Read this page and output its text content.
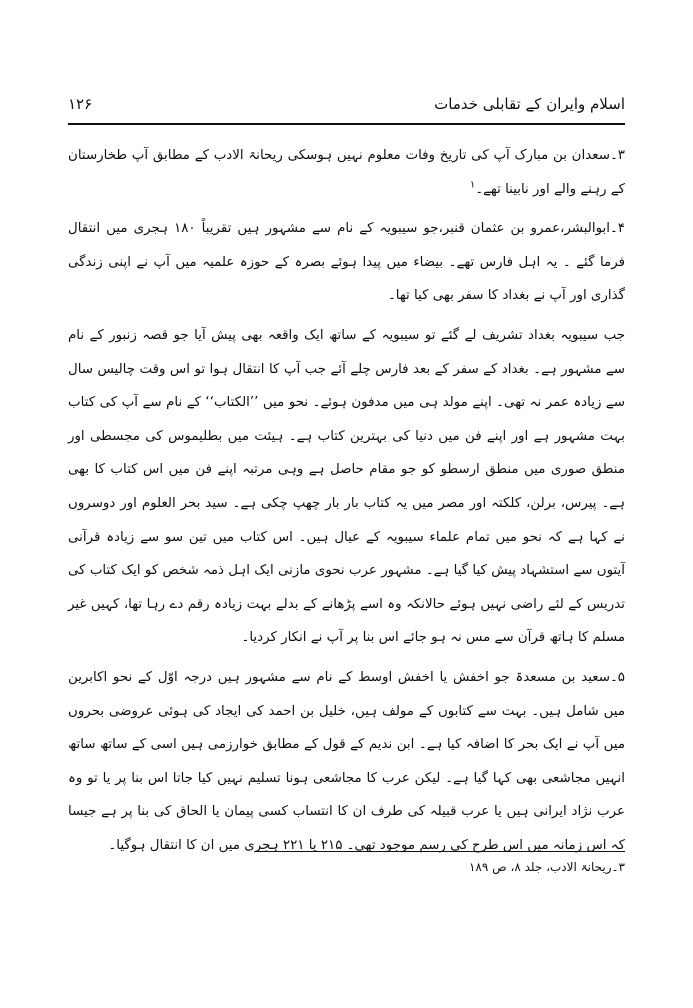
اسلام وایران کے تقابلی خدمات
۱۲۶

۳۔سعدان بن مبارک آپ کی تاریخ وفات معلوم نہیں ہوسکی ریحانۃ الادب کے مطابق آپ طخارستان کے رہنے والے اور نابینا تھے۔$^۱$

۴۔ابوالبشر،عمرو بن عثمان قنبر،جو سیبویہ کے نام سے مشہور ہیں تقریباً ۱۸۰ ہجری میں انتقال فرما گئے ۔ یہ اہل فارس تھے۔ بیضاء میں پیدا ہوئے بصرہ کے حوزہ علمیہ میں آپ نے اپنی زندگی گذاری اور آپ نے بغداد کا سفر بھی کیا تھا۔

جب سیبویہ بغداد تشریف لے گئے تو سیبویہ کے ساتھ ایک واقعہ بھی پیش آیا جو قصہ زنبور کے نام سے مشہور ہے۔ بغداد کے سفر کے بعد فارس چلے آئے جب آپ کا انتقال ہوا تو اس وقت چالیس سال سے زیادہ عمر نہ تھی۔ اپنے مولد ہی میں مدفون ہوئے۔ نحو میں ’’الکتاب‘‘ کے نام سے آپ کی کتاب بہت مشہور ہے اور اپنے فن میں دنیا کی بہترین کتاب ہے۔ ہیئت میں بطلیموس کی مجسطی اور منطق صوری میں منطق ارسطو کو جو مقام حاصل ہے وہی مرتبہ اپنے فن میں اس کتاب کا بھی ہے۔ پیرس، برلن، کلکتہ اور مصر میں یہ کتاب بار بار چھپ چکی ہے۔ سید بحر العلوم اور دوسروں نے کہا ہے کہ نحو میں تمام علماء سیبویہ کے عیال ہیں۔ اس کتاب میں تین سو سے زیادہ قرآنی آیتوں سے استشہاد پیش کیا گیا ہے۔ مشہور عرب نحوی مازنی ایک اہل ذمہ شخص کو ایک کتاب کی تدریس کے لئے راضی نہیں ہوئے حالانکہ وہ اسے پڑھانے کے بدلے بہت زیادہ رقم دے رہا تھا، کہیں غیر مسلم کا ہاتھ قرآن سے مس نہ ہو جائے اس بنا پر آپ نے انکار کردیا۔

۵۔سعید بن مسعدۃ جو اخفش یا اخفش اوسط کے نام سے مشہور ہیں درجہ اوّل کے نحو اکابرین میں شامل ہیں۔ بہت سے کتابوں کے مولف ہیں، خلیل بن احمد کی ایجاد کی ہوئی عروضی بحروں میں آپ نے ایک بحر کا اضافہ کیا ہے۔ ابن ندیم کے قول کے مطابق خوارزمی ہیں اسی کے ساتھ ساتھ انہیں مجاشعی بھی کہا گیا ہے۔ لیکن عرب کا مجاشعی ہونا تسلیم نہیں کیا جاتا اس بنا پر یا تو وہ عرب نژاد ایرانی ہیں یا عرب قبیلہ کی طرف ان کا انتساب کسی پیمان یا الحاق کی بنا پر ہے جیسا کہ اس زمانہ میں اس طرح کی رسم موجود تھی۔ ۲۱۵ یا ۲۲۱ ہجری میں ان کا انتقال ہوگیا۔

۳۔ریحانۃ الادب، جلد ۸، ص ۱۸۹
